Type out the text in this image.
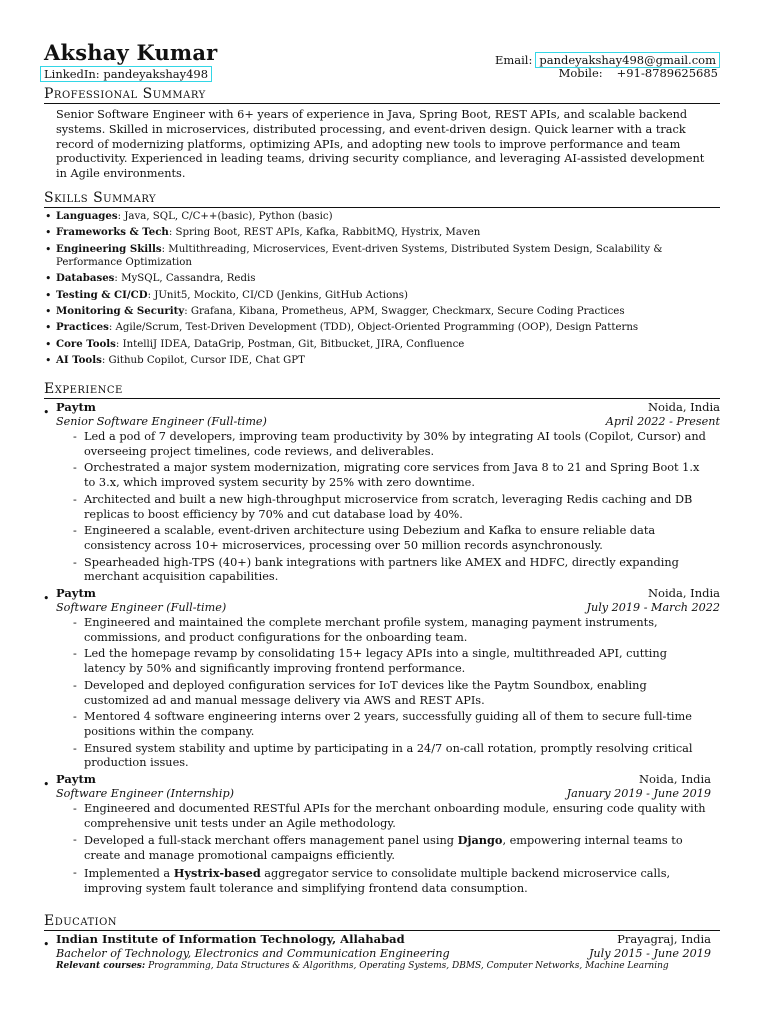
Akshay Kumar
LinkedIn: pandeyakshay498
Email: pandeyakshay498@gmail.com
Mobile: +91-8789625685
Professional Summary
Senior Software Engineer with 6+ years of experience in Java, Spring Boot, REST APIs, and scalable backend systems. Skilled in microservices, distributed processing, and event-driven design. Quick learner with a track record of modernizing platforms, optimizing APIs, and adopting new tools to improve performance and team productivity. Experienced in leading teams, driving security compliance, and leveraging AI-assisted development in Agile environments.
Skills Summary
• Languages: Java, SQL, C/C++(basic), Python (basic)
• Frameworks & Tech: Spring Boot, REST APIs, Kafka, RabbitMQ, Hystrix, Maven
• Engineering Skills: Multithreading, Microservices, Event-driven Systems, Distributed System Design, Scalability & Performance Optimization
• Databases: MySQL, Cassandra, Redis
• Testing & CI/CD: JUnit5, Mockito, CI/CD (Jenkins, GitHub Actions)
• Monitoring & Security: Grafana, Kibana, Prometheus, APM, Swagger, Checkmarx, Secure Coding Practices
• Practices: Agile/Scrum, Test-Driven Development (TDD), Object-Oriented Programming (OOP), Design Patterns
• Core Tools: IntelliJ IDEA, DataGrip, Postman, Git, Bitbucket, JIRA, Confluence
• AI Tools: Github Copilot, Cursor IDE, Chat GPT
Experience
• Paytm	Noida, India
Senior Software Engineer (Full-time)	April 2022 - Present
- Led a pod of 7 developers, improving team productivity by 30% by integrating AI tools (Copilot, Cursor) and overseeing project timelines, code reviews, and deliverables.
- Orchestrated a major system modernization, migrating core services from Java 8 to 21 and Spring Boot 1.x to 3.x, which improved system security by 25% with zero downtime.
- Architected and built a new high-throughput microservice from scratch, leveraging Redis caching and DB replicas to boost efficiency by 70% and cut database load by 40%.
- Engineered a scalable, event-driven architecture using Debezium and Kafka to ensure reliable data consistency across 10+ microservices, processing over 50 million records asynchronously.
- Spearheaded high-TPS (40+) bank integrations with partners like AMEX and HDFC, directly expanding merchant acquisition capabilities.
• Paytm	Noida, India
Software Engineer (Full-time)	July 2019 - March 2022
- Engineered and maintained the complete merchant profile system, managing payment instruments, commissions, and product configurations for the onboarding team.
- Led the homepage revamp by consolidating 15+ legacy APIs into a single, multithreaded API, cutting latency by 50% and significantly improving frontend performance.
- Developed and deployed configuration services for IoT devices like the Paytm Soundbox, enabling customized ad and manual message delivery via AWS and REST APIs.
- Mentored 4 software engineering interns over 2 years, successfully guiding all of them to secure full-time positions within the company.
- Ensured system stability and uptime by participating in a 24/7 on-call rotation, promptly resolving critical production issues.
• Paytm	Noida, India
Software Engineer (Internship)	January 2019 - June 2019
- Engineered and documented RESTful APIs for the merchant onboarding module, ensuring code quality with comprehensive unit tests under an Agile methodology.
- Developed a full-stack merchant offers management panel using Django, empowering internal teams to create and manage promotional campaigns efficiently.
- Implemented a Hystrix-based aggregator service to consolidate multiple backend microservice calls, improving system fault tolerance and simplifying frontend data consumption.
Education
• Indian Institute of Information Technology, Allahabad	Prayagraj, India
Bachelor of Technology, Electronics and Communication Engineering	July 2015 - June 2019
Relevant courses: Programming, Data Structures & Algorithms, Operating Systems, DBMS, Computer Networks, Machine Learning
